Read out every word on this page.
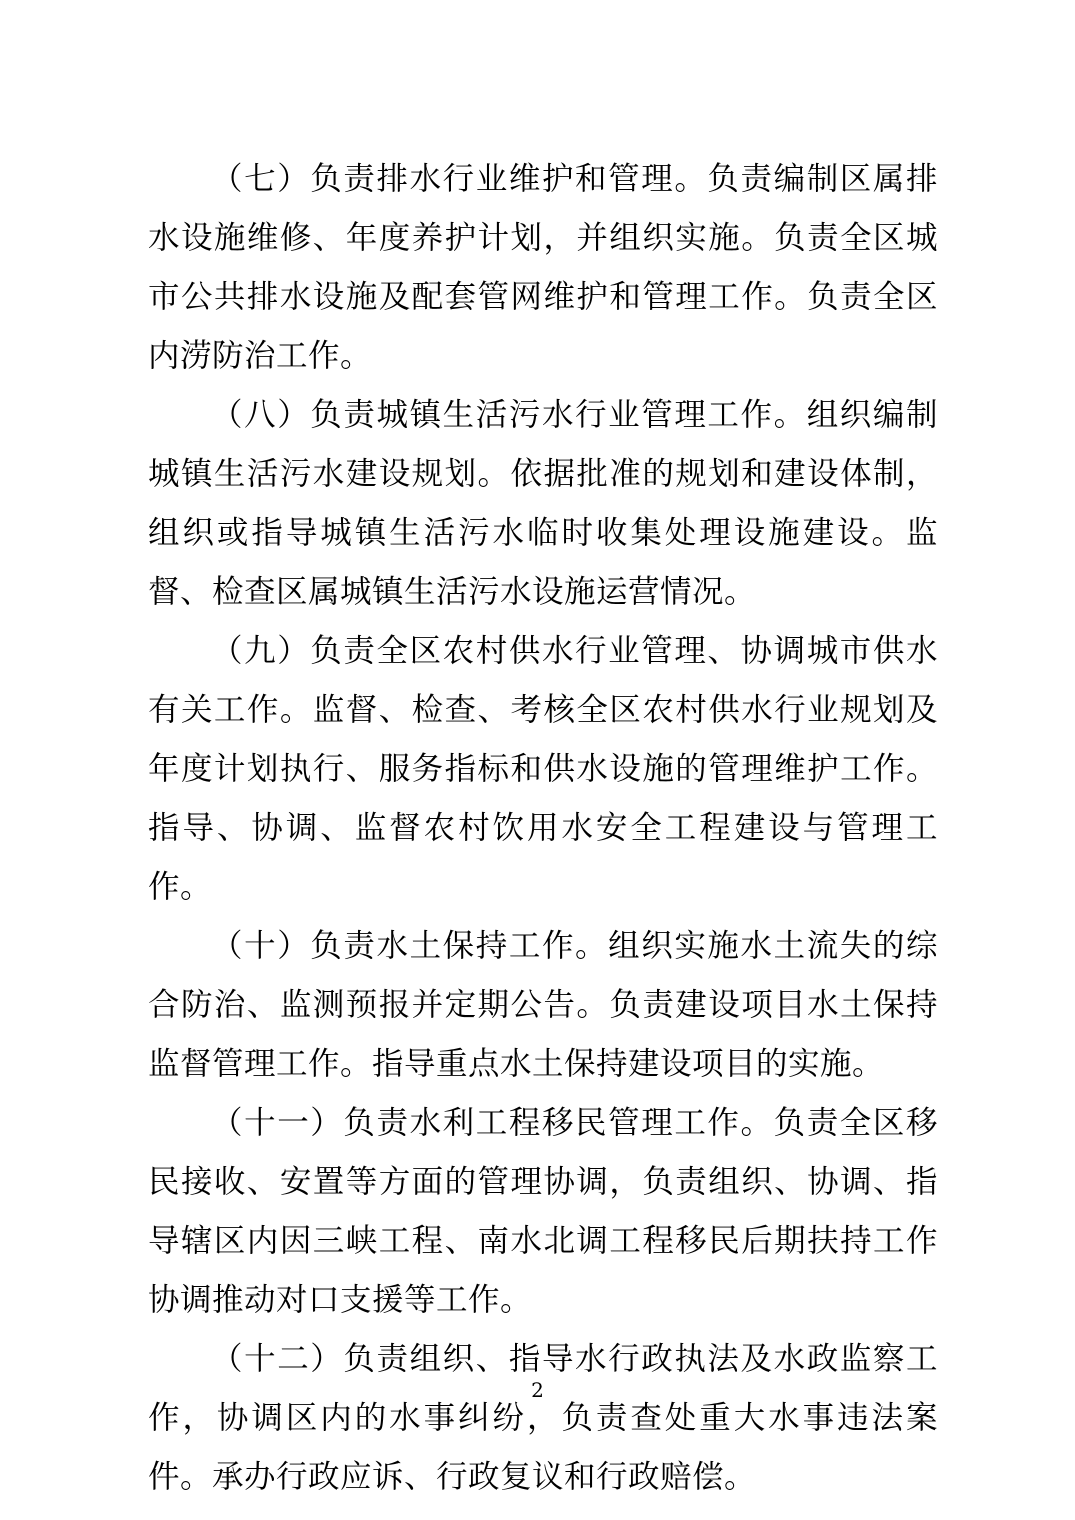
（七）负责排水行业维护和管理。负责编制区属排水设施维修、年度养护计划，并组织实施。负责全区城市公共排水设施及配套管网维护和管理工作。负责全区内涝防治工作。

（八）负责城镇生活污水行业管理工作。组织编制城镇生活污水建设规划。依据批准的规划和建设体制，组织或指导城镇生活污水临时收集处理设施建设。监督、检查区属城镇生活污水设施运营情况。

（九）负责全区农村供水行业管理、协调城市供水有关工作。监督、检查、考核全区农村供水行业规划及年度计划执行、服务指标和供水设施的管理维护工作。指导、协调、监督农村饮用水安全工程建设与管理工作。

（十）负责水土保持工作。组织实施水土流失的综合防治、监测预报并定期公告。负责建设项目水土保持监督管理工作。指导重点水土保持建设项目的实施。

（十一）负责水利工程移民管理工作。负责全区移民接收、安置等方面的管理协调，负责组织、协调、指导辖区内因三峡工程、南水北调工程移民后期扶持工作协调推动对口支援等工作。

（十二）负责组织、指导水行政执法及水政监察工作，协调区内的水事纠纷，负责查处重大水事违法案件。承办行政应诉、行政复议和行政赔偿。

2
